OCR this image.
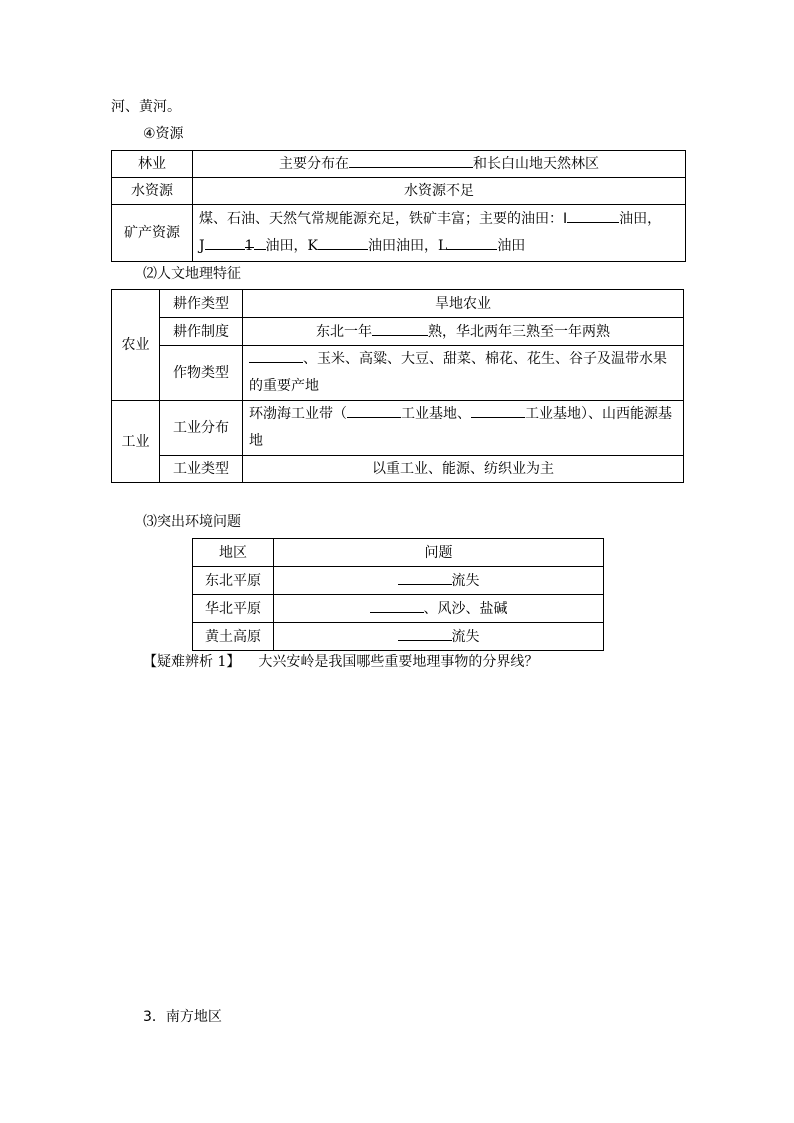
河、黄河。
④资源
林业	主要分布在 和长白山地天然林区
水资源	水资源不足
矿产资源	煤、石油、天然气常规能源充足，铁矿丰富；主要的油田：I 油田，
J 1 油田，K 油田油田，L 油田
⑵人文地理特征
农业	耕作类型	旱地农业
	耕作制度	东北一年 熟，华北两年三熟至一年两熟
	作物类型	、玉米、高粱、大豆、甜菜、棉花、花生、谷子及温带水果
的重要产地

工业	工业分布	环渤海工业带（ 工业基地、 工业基地）、山西能源基
地

	工业类型	以重工业、能源、纺织业为主
⑶突出环境问题
地区	问题
东北平原	流失
华北平原	、风沙、盐碱
黄土高原	流失
【疑难辨析 1】 大兴安岭是我国哪些重要地理事物的分界线？
3．南方地区
